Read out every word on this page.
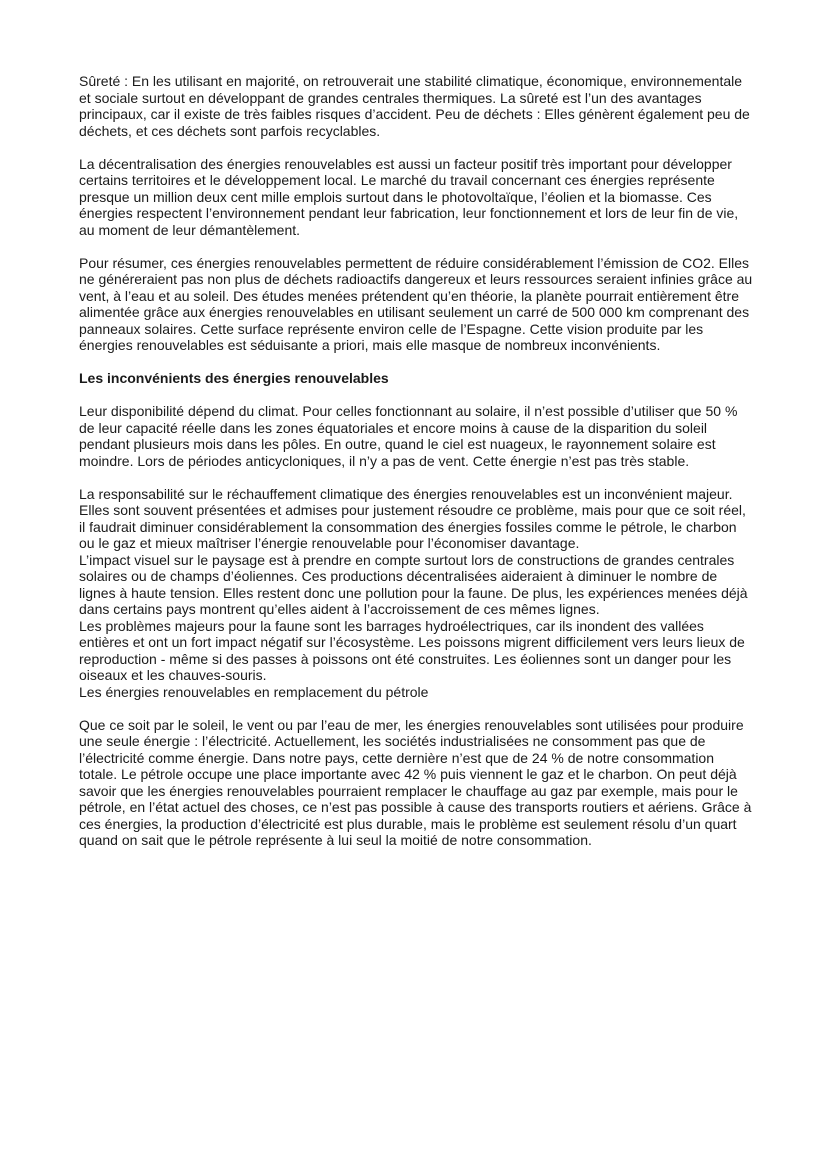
Sûreté : En les utilisant en majorité, on retrouverait une stabilité climatique, économique, environnementale et sociale surtout en développant de grandes centrales thermiques. La sûreté est l’un des avantages principaux, car il existe de très faibles risques d’accident. Peu de déchets : Elles génèrent également peu de déchets, et ces déchets sont parfois recyclables.

La décentralisation des énergies renouvelables est aussi un facteur positif très important pour développer certains territoires et le développement local. Le marché du travail concernant ces énergies représente presque un million deux cent mille emplois surtout dans le photovoltaïque, l’éolien et la biomasse. Ces énergies respectent l’environnement pendant leur fabrication, leur fonctionnement et lors de leur fin de vie, au moment de leur démantèlement.

Pour résumer, ces énergies renouvelables permettent de réduire considérablement l’émission de CO2. Elles ne généreraient pas non plus de déchets radioactifs dangereux et leurs ressources seraient infinies grâce au vent, à l’eau et au soleil. Des études menées prétendent qu’en théorie, la planète pourrait entièrement être alimentée grâce aux énergies renouvelables en utilisant seulement un carré de 500 000 km comprenant des panneaux solaires. Cette surface représente environ celle de l’Espagne. Cette vision produite par les énergies renouvelables est séduisante a priori, mais elle masque de nombreux inconvénients.

Les inconvénients des énergies renouvelables

Leur disponibilité dépend du climat. Pour celles fonctionnant au solaire, il n’est possible d’utiliser que 50 % de leur capacité réelle dans les zones équatoriales et encore moins à cause de la disparition du soleil pendant plusieurs mois dans les pôles. En outre, quand le ciel est nuageux, le rayonnement solaire est moindre. Lors de périodes anticycloniques, il n’y a pas de vent. Cette énergie n’est pas très stable.

La responsabilité sur le réchauffement climatique des énergies renouvelables est un inconvénient majeur. Elles sont souvent présentées et admises pour justement résoudre ce problème, mais pour que ce soit réel, il faudrait diminuer considérablement la consommation des énergies fossiles comme le pétrole, le charbon ou le gaz et mieux maîtriser l’énergie renouvelable pour l’économiser davantage.

L’impact visuel sur le paysage est à prendre en compte surtout lors de constructions de grandes centrales solaires ou de champs d’éoliennes. Ces productions décentralisées aideraient à diminuer le nombre de lignes à haute tension. Elles restent donc une pollution pour la faune. De plus, les expériences menées déjà dans certains pays montrent qu’elles aident à l’accroissement de ces mêmes lignes.

Les problèmes majeurs pour la faune sont les barrages hydroélectriques, car ils inondent des vallées entières et ont un fort impact négatif sur l’écosystème. Les poissons migrent difficilement vers leurs lieux de reproduction - même si des passes à poissons ont été construites. Les éoliennes sont un danger pour les oiseaux et les chauves-souris.

Les énergies renouvelables en remplacement du pétrole

Que ce soit par le soleil, le vent ou par l’eau de mer, les énergies renouvelables sont utilisées pour produire une seule énergie : l’électricité. Actuellement, les sociétés industrialisées ne consomment pas que de l’électricité comme énergie. Dans notre pays, cette dernière n’est que de 24 % de notre consommation totale. Le pétrole occupe une place importante avec 42 % puis viennent le gaz et le charbon. On peut déjà savoir que les énergies renouvelables pourraient remplacer le chauffage au gaz par exemple, mais pour le pétrole, en l’état actuel des choses, ce n’est pas possible à cause des transports routiers et aériens. Grâce à ces énergies, la production d’électricité est plus durable, mais le problème est seulement résolu d’un quart quand on sait que le pétrole représente à lui seul la moitié de notre consommation.
